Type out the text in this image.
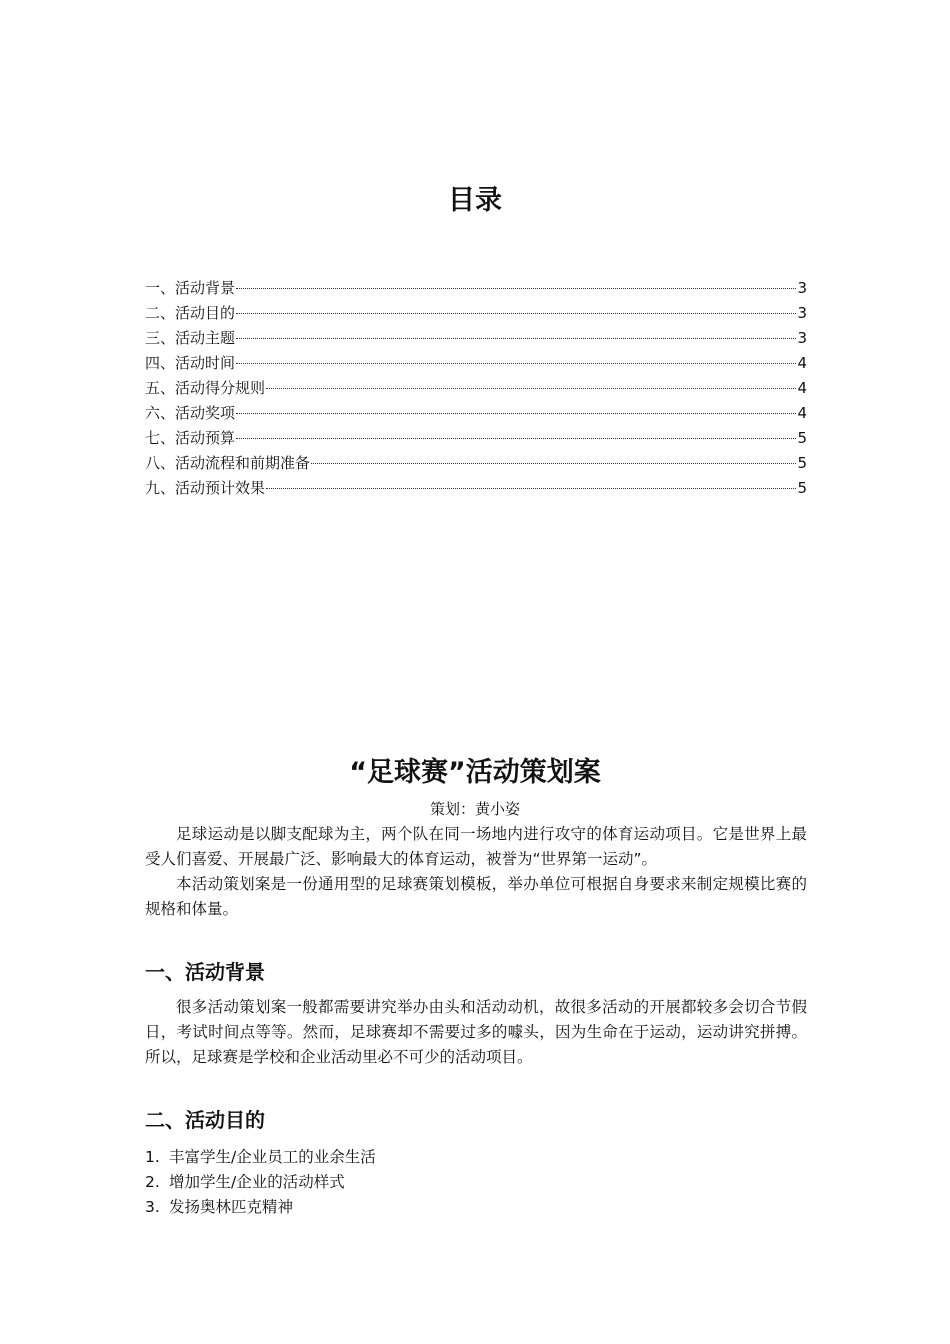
目录
一、活动背景	3
二、活动目的	3
三、活动主题	3
四、活动时间	4
五、活动得分规则	4
六、活动奖项	4
七、活动预算	5
八、活动流程和前期准备	5
九、活动预计效果	5
“足球赛”活动策划案

策划：黄小姿

足球运动是以脚支配球为主，两个队在同一场地内进行攻守的体育运动项目。它是世界上最受人们喜爱、开展最广泛、影响最大的体育运动，被誉为“世界第一运动”。

本活动策划案是一份通用型的足球赛策划模板，举办单位可根据自身要求来制定规模比赛的规格和体量。

一、活动背景

很多活动策划案一般都需要讲究举办由头和活动动机，故很多活动的开展都较多会切合节假日，考试时间点等等。然而，足球赛却不需要过多的噱头，因为生命在于运动，运动讲究拼搏。所以，足球赛是学校和企业活动里必不可少的活动项目。

二、活动目的
1. 丰富学生/企业员工的业余生活
2. 增加学生/企业的活动样式
3. 发扬奥林匹克精神
